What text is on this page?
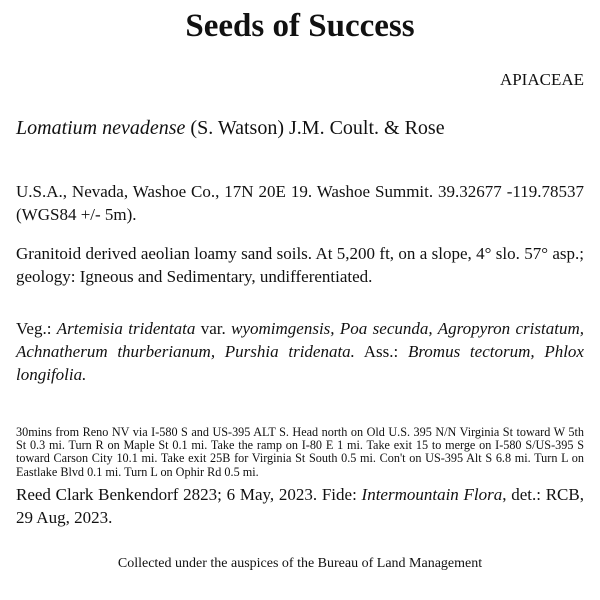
Seeds of Success
APIACEAE
Lomatium nevadense (S. Watson) J.M. Coult. & Rose

U.S.A., Nevada, Washoe Co., 17N 20E 19. Washoe Summit. 39.32677 -119.78537 (WGS84 +/- 5m).

Granitoid derived aeolian loamy sand soils. At 5,200 ft, on a slope, 4° slo. 57° asp.; geology: Igneous and Sedimentary, undifferentiated.

Veg.: Artemisia tridentata var. wyomimgensis, Poa secunda, Agropyron cristatum, Achnatherum thurberianum, Purshia tridenata. Ass.: Bromus tectorum, Phlox longifolia.

30mins from Reno NV via I-580 S and US-395 ALT S. Head north on Old U.S. 395 N/N Virginia St toward W 5th St 0.3 mi. Turn R on Maple St 0.1 mi. Take the ramp on I-80 E 1 mi. Take exit 15 to merge on I-580 S/US-395 S toward Carson City 10.1 mi. Take exit 25B for Virginia St South 0.5 mi. Con't on US-395 Alt S 6.8 mi. Turn L on Eastlake Blvd 0.1 mi. Turn L on Ophir Rd 0.5 mi.

Reed Clark Benkendorf 2823; 6 May, 2023. Fide: Intermountain Flora, det.: RCB, 29 Aug, 2023.

Collected under the auspices of the Bureau of Land Management
